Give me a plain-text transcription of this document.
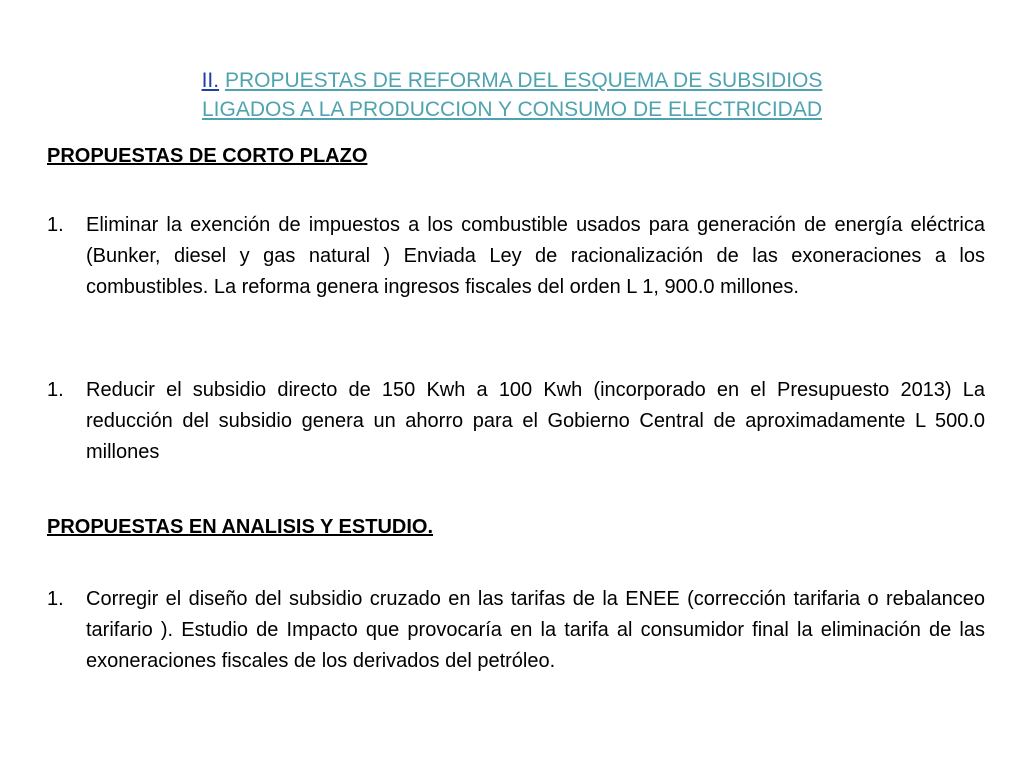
II. PROPUESTAS DE REFORMA DEL ESQUEMA DE SUBSIDIOS
LIGADOS A LA PRODUCCION Y CONSUMO DE ELECTRICIDAD
PROPUESTAS DE CORTO PLAZO
1. Eliminar la exención de impuestos a los combustible usados para generación de energía eléctrica (Bunker, diesel y gas natural ) Enviada Ley de racionalización de las exoneraciones a los combustibles. La reforma genera ingresos fiscales del orden L 1, 900.0 millones.
1. Reducir el subsidio directo de 150 Kwh a 100 Kwh (incorporado en el Presupuesto 2013) La reducción del subsidio genera un ahorro para el Gobierno Central de aproximadamente L 500.0 millones
PROPUESTAS EN ANALISIS Y ESTUDIO.
1. Corregir el diseño del subsidio cruzado en las tarifas de la ENEE (corrección tarifaria o rebalanceo tarifario ). Estudio de Impacto que provocaría en la tarifa al consumidor final la eliminación de las exoneraciones fiscales de los derivados del petróleo.
